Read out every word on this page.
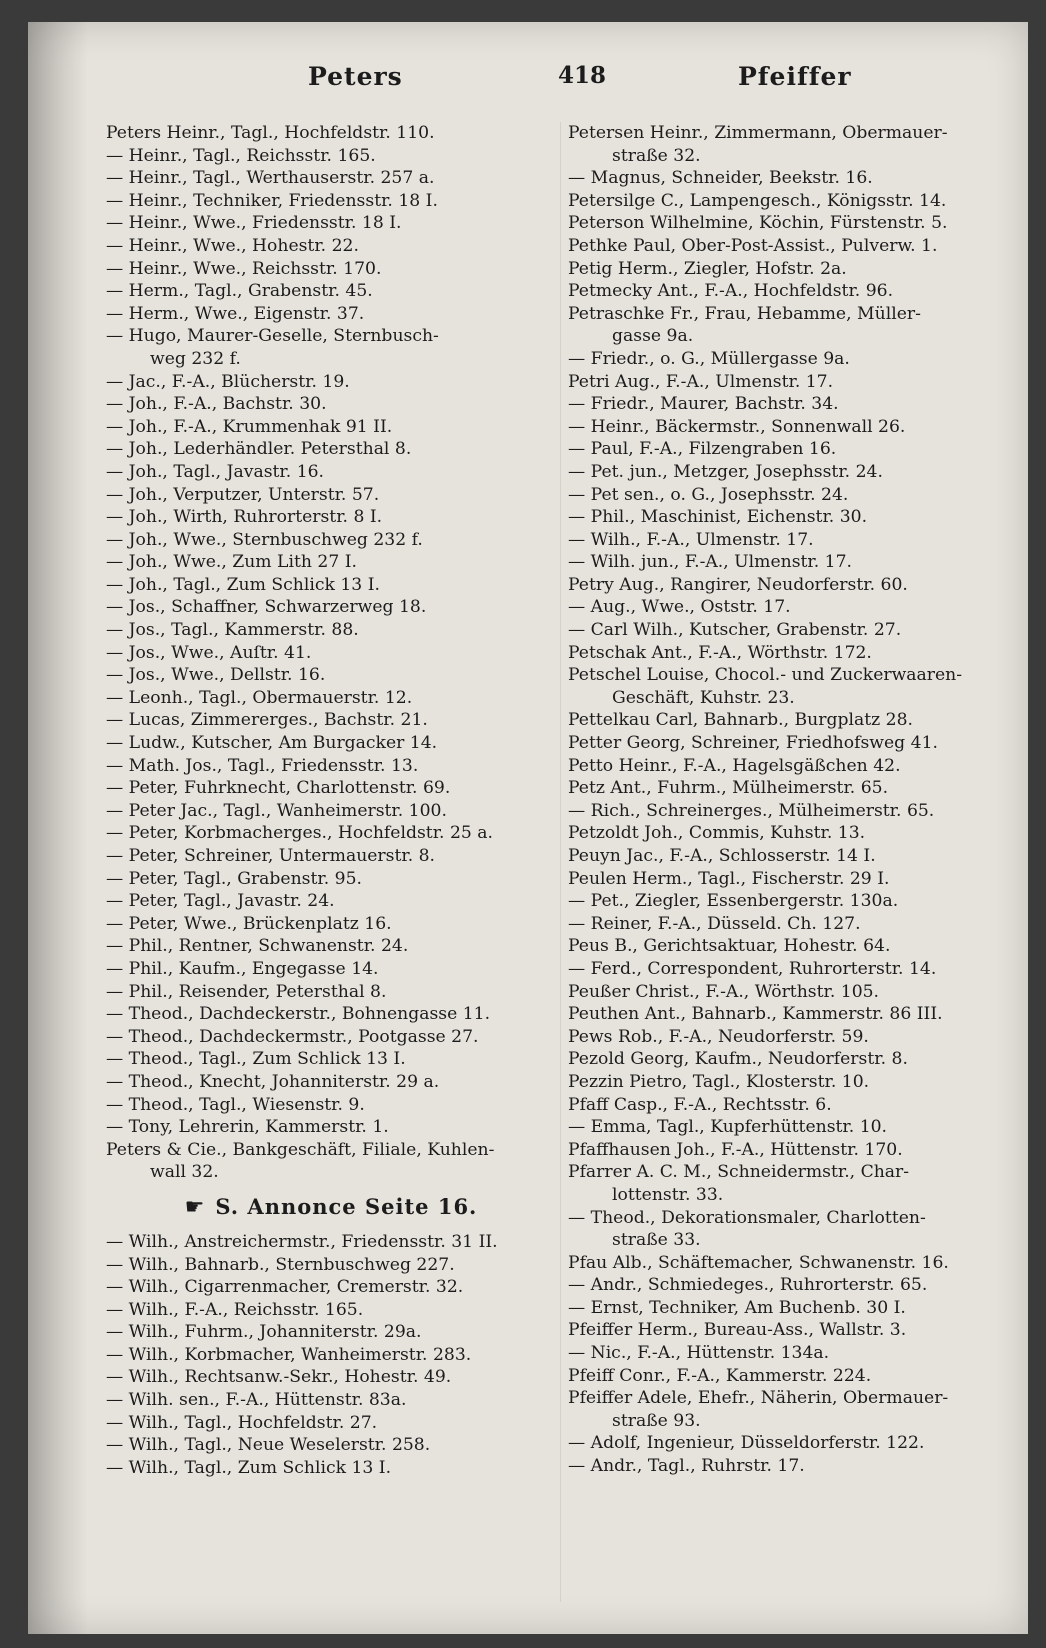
Peters	418	Pfeiffer
Peters Heinr., Tagl., Hochfeldstr. 110.
— Heinr., Tagl., Reichsstr. 165.
— Heinr., Tagl., Werthauserstr. 257 a.
— Heinr., Techniker, Friedensstr. 18 I.
— Heinr., Wwe., Friedensstr. 18 I.
— Heinr., Wwe., Hohestr. 22.
— Heinr., Wwe., Reichsstr. 170.
— Herm., Tagl., Grabenstr. 45.
— Herm., Wwe., Eigenstr. 37.
— Hugo, Maurer-Geselle, Sternbusch-
weg 232 f.
— Jac., F.-A., Blücherstr. 19.
— Joh., F.-A., Bachstr. 30.
— Joh., F.-A., Krummenhak 91 II.
— Joh., Lederhändler. Petersthal 8.
— Joh., Tagl., Javastr. 16.
— Joh., Verputzer, Unterstr. 57.
— Joh., Wirth, Ruhrorterstr. 8 I.
— Joh., Wwe., Sternbuschweg 232 f.
— Joh., Wwe., Zum Lith 27 I.
— Joh., Tagl., Zum Schlick 13 I.
— Jos., Schaffner, Schwarzerweg 18.
— Jos., Tagl., Kammerstr. 88.
— Jos., Wwe., Auſtr. 41.
— Jos., Wwe., Dellstr. 16.
— Leonh., Tagl., Obermauerstr. 12.
— Lucas, Zimmererges., Bachstr. 21.
— Ludw., Kutscher, Am Burgacker 14.
— Math. Jos., Tagl., Friedensstr. 13.
— Peter, Fuhrknecht, Charlottenstr. 69.
— Peter Jac., Tagl., Wanheimerstr. 100.
— Peter, Korbmacherges., Hochfeldstr. 25 a.
— Peter, Schreiner, Untermauerstr. 8.
— Peter, Tagl., Grabenstr. 95.
— Peter, Tagl., Javastr. 24.
— Peter, Wwe., Brückenplatz 16.
— Phil., Rentner, Schwanenstr. 24.
— Phil., Kaufm., Engegasse 14.
— Phil., Reisender, Petersthal 8.
— Theod., Dachdeckerstr., Bohnengasse 11.
— Theod., Dachdeckermstr., Pootgasse 27.
— Theod., Tagl., Zum Schlick 13 I.
— Theod., Knecht, Johanniterstr. 29 a.
— Theod., Tagl., Wiesenstr. 9.
— Tony, Lehrerin, Kammerstr. 1.
Peters & Cie., Bankgeschäft, Filiale, Kuhlen-
wall 32.
☛ S. Annonce Seite 16.
— Wilh., Anstreichermstr., Friedensstr. 31 II.
— Wilh., Bahnarb., Sternbuschweg 227.
— Wilh., Cigarrenmacher, Cremerstr. 32.
— Wilh., F.-A., Reichsstr. 165.
— Wilh., Fuhrm., Johanniterstr. 29a.
— Wilh., Korbmacher, Wanheimerstr. 283.
— Wilh., Rechtsanw.-Sekr., Hohestr. 49.
— Wilh. sen., F.-A., Hüttenstr. 83a.
— Wilh., Tagl., Hochfeldstr. 27.
— Wilh., Tagl., Neue Weselerstr. 258.
— Wilh., Tagl., Zum Schlick 13 I.
Petersen Heinr., Zimmermann, Obermauer-
straße 32.
— Magnus, Schneider, Beekstr. 16.
Petersilge C., Lampengesch., Königsstr. 14.
Peterson Wilhelmine, Köchin, Fürstenstr. 5.
Pethke Paul, Ober-Post-Assist., Pulverw. 1.
Petig Herm., Ziegler, Hofstr. 2a.
Petmecky Ant., F.-A., Hochfeldstr. 96.
Petraschke Fr., Frau, Hebamme, Müller-
gasse 9a.
— Friedr., o. G., Müllergasse 9a.
Petri Aug., F.-A., Ulmenstr. 17.
— Friedr., Maurer, Bachstr. 34.
— Heinr., Bäckermstr., Sonnenwall 26.
— Paul, F.-A., Filzengraben 16.
— Pet. jun., Metzger, Josephsstr. 24.
— Pet sen., o. G., Josephsstr. 24.
— Phil., Maschinist, Eichenstr. 30.
— Wilh., F.-A., Ulmenstr. 17.
— Wilh. jun., F.-A., Ulmenstr. 17.
Petry Aug., Rangirer, Neudorferstr. 60.
— Aug., Wwe., Oststr. 17.
— Carl Wilh., Kutscher, Grabenstr. 27.
Petschak Ant., F.-A., Wörthstr. 172.
Petschel Louise, Chocol.- und Zuckerwaaren-
Geschäft, Kuhstr. 23.
Pettelkau Carl, Bahnarb., Burgplatz 28.
Petter Georg, Schreiner, Friedhofsweg 41.
Petto Heinr., F.-A., Hagelsgäßchen 42.
Petz Ant., Fuhrm., Mülheimerstr. 65.
— Rich., Schreinerges., Mülheimerstr. 65.
Petzoldt Joh., Commis, Kuhstr. 13.
Peuyn Jac., F.-A., Schlosserstr. 14 I.
Peulen Herm., Tagl., Fischerstr. 29 I.
— Pet., Ziegler, Essenbergerstr. 130a.
— Reiner, F.-A., Düsseld. Ch. 127.
Peus B., Gerichtsaktuar, Hohestr. 64.
— Ferd., Correspondent, Ruhrorterstr. 14.
Peußer Christ., F.-A., Wörthstr. 105.
Peuthen Ant., Bahnarb., Kammerstr. 86 III.
Pews Rob., F.-A., Neudorferstr. 59.
Pezold Georg, Kaufm., Neudorferstr. 8.
Pezzin Pietro, Tagl., Klosterstr. 10.
Pfaff Casp., F.-A., Rechtsstr. 6.
— Emma, Tagl., Kupferhüttenstr. 10.
Pfaffhausen Joh., F.-A., Hüttenstr. 170.
Pfarrer A. C. M., Schneidermstr., Char-
lottenstr. 33.
— Theod., Dekorationsmaler, Charlotten-
straße 33.
Pfau Alb., Schäftemacher, Schwanenstr. 16.
— Andr., Schmiedeges., Ruhrorterstr. 65.
— Ernst, Techniker, Am Buchenb. 30 I.
Pfeiffer Herm., Bureau-Ass., Wallstr. 3.
— Nic., F.-A., Hüttenstr. 134a.
Pfeiff Conr., F.-A., Kammerstr. 224.
Pfeiffer Adele, Ehefr., Näherin, Obermauer-
straße 93.
— Adolf, Ingenieur, Düsseldorferstr. 122.
— Andr., Tagl., Ruhrstr. 17.
